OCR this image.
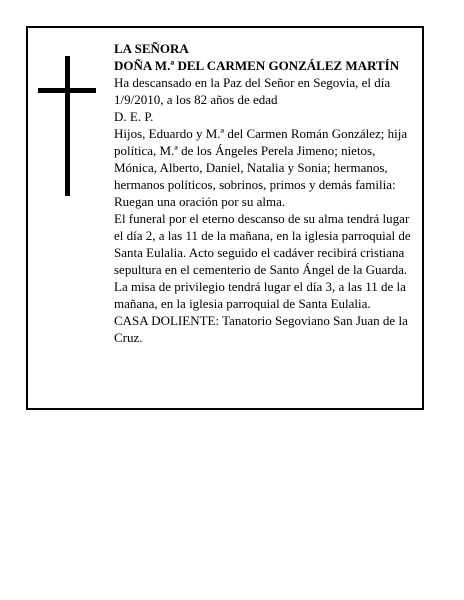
LA SEÑORA

DOÑA M.ª DEL CARMEN GONZÁLEZ MARTÍN

Ha descansado en la Paz del Señor en Segovia, el día 1/9/2010, a los 82 años de edad

D. E. P.

Hijos, Eduardo y M.ª del Carmen Román González; hija política, M.ª de los Ángeles Perela Jimeno; nietos, Mónica, Alberto, Daniel, Natalia y Sonia; hermanos, hermanos políticos, sobrinos, primos y demás familia:

Ruegan una oración por su alma.

El funeral por el eterno descanso de su alma tendrá lugar el día 2, a las 11 de la mañana, en la iglesia parroquial de Santa Eulalia. Acto seguido el cadáver recibirá cristiana sepultura en el cementerio de Santo Ángel de la Guarda. La misa de privilegio tendrá lugar el día 3, a las 11 de la mañana, en la iglesia parroquial de Santa Eulalia.

CASA DOLIENTE: Tanatorio Segoviano San Juan de la Cruz.
